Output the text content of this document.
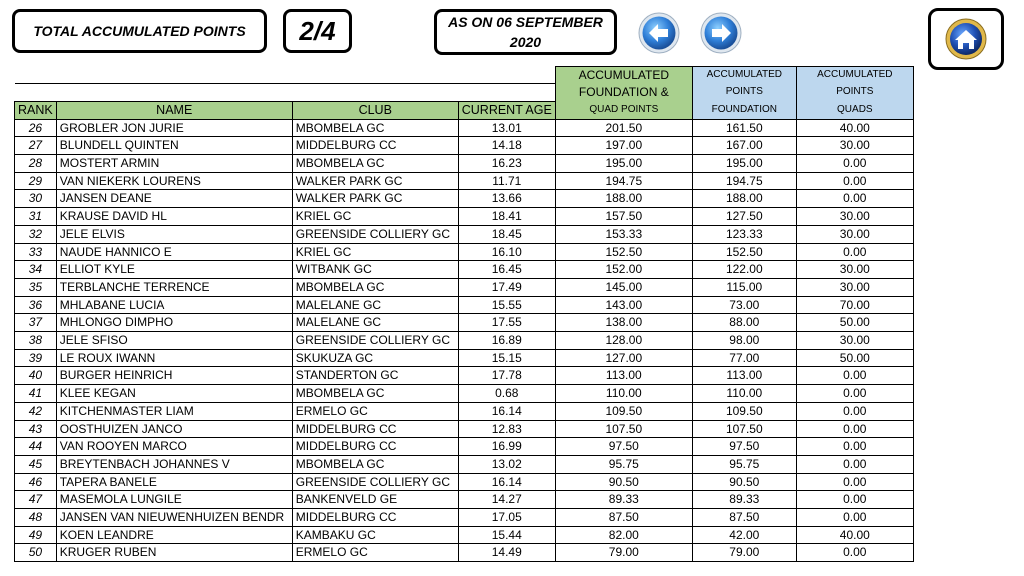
TOTAL ACCUMULATED POINTS 2/4	AS ON 06 SEPTEMBER
2020
				ACCUMULATED	ACCUMULATED	ACCUMULATED
				FOUNDATION &	POINTS	POINTS
RANK	NAME	CLUB	CURRENT AGE	QUAD POINTS	FOUNDATION	QUADS
26	GROBLER JON JURIE	MBOMBELA GC	13.01	201.50	161.50	40.00
27	BLUNDELL QUINTEN	MIDDELBURG CC	14.18	197.00	167.00	30.00
28	MOSTERT ARMIN	MBOMBELA GC	16.23	195.00	195.00	0.00
29	VAN NIEKERK LOURENS	WALKER PARK GC	11.71	194.75	194.75	0.00
30	JANSEN DEANE	WALKER PARK GC	13.66	188.00	188.00	0.00
31	KRAUSE DAVID HL	KRIEL GC	18.41	157.50	127.50	30.00
32	JELE ELVIS	GREENSIDE COLLIERY GC	18.45	153.33	123.33	30.00
33	NAUDE HANNICO E	KRIEL GC	16.10	152.50	152.50	0.00
34	ELLIOT KYLE	WITBANK GC	16.45	152.00	122.00	30.00
35	TERBLANCHE TERRENCE	MBOMBELA GC	17.49	145.00	115.00	30.00
36	MHLABANE LUCIA	MALELANE GC	15.55	143.00	73.00	70.00
37	MHLONGO DIMPHO	MALELANE GC	17.55	138.00	88.00	50.00
38	JELE SFISO	GREENSIDE COLLIERY GC	16.89	128.00	98.00	30.00
39	LE ROUX IWANN	SKUKUZA GC	15.15	127.00	77.00	50.00
40	BURGER HEINRICH	STANDERTON GC	17.78	113.00	113.00	0.00
41	KLEE KEGAN	MBOMBELA GC	0.68	110.00	110.00	0.00
42	KITCHENMASTER LIAM	ERMELO GC	16.14	109.50	109.50	0.00
43	OOSTHUIZEN JANCO	MIDDELBURG CC	12.83	107.50	107.50	0.00
44	VAN ROOYEN MARCO	MIDDELBURG CC	16.99	97.50	97.50	0.00
45	BREYTENBACH JOHANNES V	MBOMBELA GC	13.02	95.75	95.75	0.00
46	TAPERA BANELE	GREENSIDE COLLIERY GC	16.14	90.50	90.50	0.00
47	MASEMOLA LUNGILE	BANKENVELD GE	14.27	89.33	89.33	0.00
48	JANSEN VAN NIEUWENHUIZEN BENDR	MIDDELBURG CC	17.05	87.50	87.50	0.00
49	KOEN LEANDRE	KAMBAKU GC	15.44	82.00	42.00	40.00
50	KRUGER RUBEN	ERMELO GC	14.49	79.00	79.00	0.00
